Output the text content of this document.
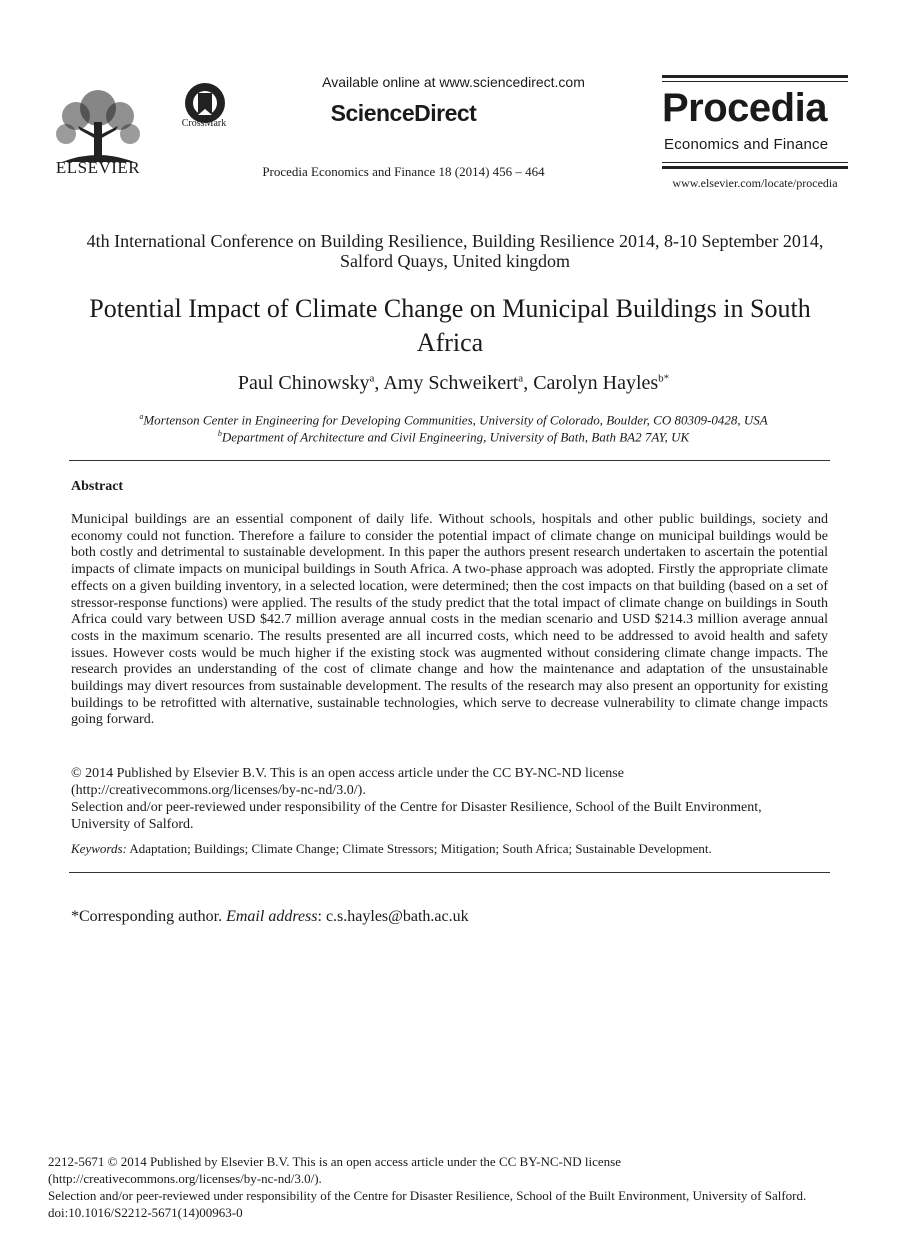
ELSEVIER
CrossMark
Available online at www.sciencedirect.com
ScienceDirect
Procedia Economics and Finance 18 (2014) 456 – 464
Procedia
Economics and Finance
www.elsevier.com/locate/procedia
4th International Conference on Building Resilience, Building Resilience 2014, 8-10 September 2014, Salford Quays, United kingdom
Potential Impact of Climate Change on Municipal Buildings in South Africa
Paul Chinowsky$^a$, Amy Schweikert$^a$, Carolyn Hayles$^{b*}$
$^a$Mortenson Center in Engineering for Developing Communities, University of Colorado, Boulder, CO 80309-0428, USA
$^b$Department of Architecture and Civil Engineering, University of Bath, Bath BA2 7AY, UK
Abstract
Municipal buildings are an essential component of daily life. Without schools, hospitals and other public buildings, society and economy could not function. Therefore a failure to consider the potential impact of climate change on municipal buildings would be both costly and detrimental to sustainable development. In this paper the authors present research undertaken to ascertain the potential impacts of climate impacts on municipal buildings in South Africa. A two-phase approach was adopted. Firstly the appropriate climate effects on a given building inventory, in a selected location, were determined; then the cost impacts on that building (based on a set of stressor-response functions) were applied. The results of the study predict that the total impact of climate change on buildings in South Africa could vary between USD $42.7 million average annual costs in the median scenario and USD $214.3 million average annual costs in the maximum scenario. The results presented are all incurred costs, which need to be addressed to avoid health and safety issues. However costs would be much higher if the existing stock was augmented without considering climate change impacts. The research provides an understanding of the cost of climate change and how the maintenance and adaptation of the unsustainable buildings may divert resources from sustainable development. The results of the research may also present an opportunity for existing buildings to be retrofitted with alternative, sustainable technologies, which serve to decrease vulnerability to climate change impacts going forward.
© 2014 Published by Elsevier B.V. This is an open access article under the CC BY-NC-ND license
(http://creativecommons.org/licenses/by-nc-nd/3.0/).
Selection and/or peer-reviewed under responsibility of the Centre for Disaster Resilience, School of the Built Environment,
University of Salford.
Keywords: Adaptation; Buildings; Climate Change; Climate Stressors; Mitigation; South Africa; Sustainable Development.
*Corresponding author. Email address: c.s.hayles@bath.ac.uk
2212-5671 © 2014 Published by Elsevier B.V. This is an open access article under the CC BY-NC-ND license
(http://creativecommons.org/licenses/by-nc-nd/3.0/).
Selection and/or peer-reviewed under responsibility of the Centre for Disaster Resilience, School of the Built Environment, University of Salford.
doi:10.1016/S2212-5671(14)00963-0
